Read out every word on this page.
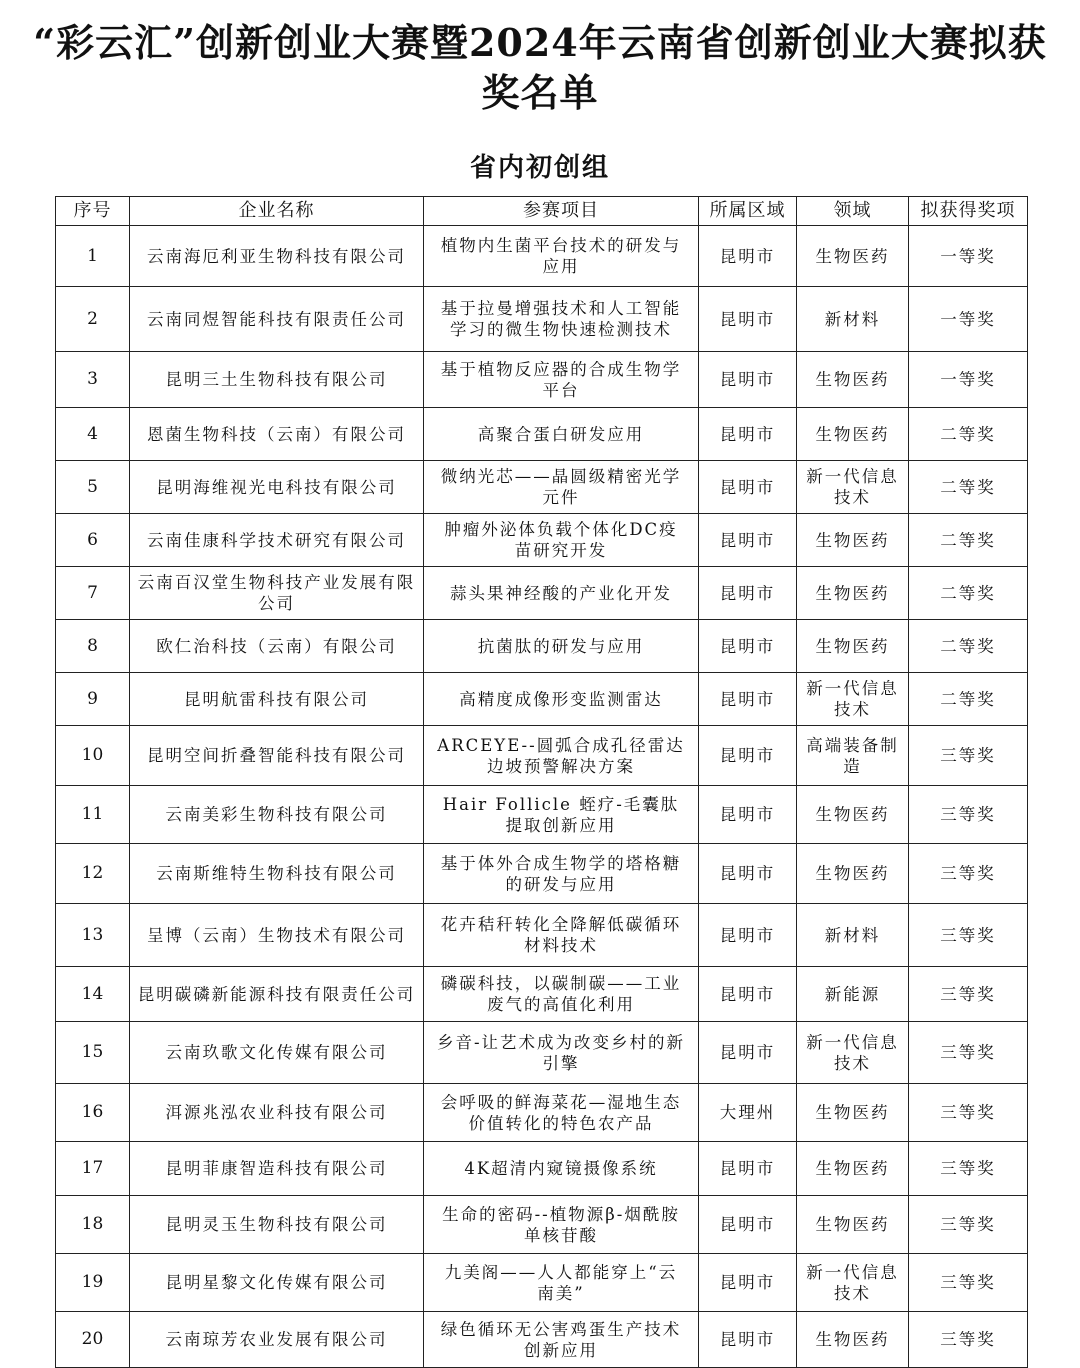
“彩云汇”创新创业大赛暨2024年云南省创新创业大赛拟获奖名单
省内初创组
序号	企业名称	参赛项目	所属区域	领域	拟获得奖项
1	云南海厄利亚生物科技有限公司	植物内生菌平台技术的研发与应用	昆明市	生物医药	一等奖
2	云南同煜智能科技有限责任公司	基于拉曼增强技术和人工智能学习的微生物快速检测技术	昆明市	新材料	一等奖
3	昆明三土生物科技有限公司	基于植物反应器的合成生物学平台	昆明市	生物医药	一等奖
4	恩菌生物科技（云南）有限公司	高聚合蛋白研发应用	昆明市	生物医药	二等奖
5	昆明海维视光电科技有限公司	微纳光芯——晶圆级精密光学元件	昆明市	新一代信息技术	二等奖
6	云南佳康科学技术研究有限公司	肿瘤外泌体负载个体化DC疫苗研究开发	昆明市	生物医药	二等奖
7	云南百汉堂生物科技产业发展有限公司	蒜头果神经酸的产业化开发	昆明市	生物医药	二等奖
8	欧仁治科技（云南）有限公司	抗菌肽的研发与应用	昆明市	生物医药	二等奖
9	昆明航雷科技有限公司	高精度成像形变监测雷达	昆明市	新一代信息技术	二等奖
10	昆明空间折叠智能科技有限公司	ARCEYE--圆弧合成孔径雷达边坡预警解决方案	昆明市	高端装备制造	三等奖
11	云南美彩生物科技有限公司	Hair Follicle 蛭疗-毛囊肽提取创新应用	昆明市	生物医药	三等奖
12	云南斯维特生物科技有限公司	基于体外合成生物学的塔格糖的研发与应用	昆明市	生物医药	三等奖
13	呈博（云南）生物技术有限公司	花卉秸秆转化全降解低碳循环材料技术	昆明市	新材料	三等奖
14	昆明碳磷新能源科技有限责任公司	磷碳科技，以碳制碳——工业废气的高值化利用	昆明市	新能源	三等奖
15	云南玖歌文化传媒有限公司	乡音-让艺术成为改变乡村的新引擎	昆明市	新一代信息技术	三等奖
16	洱源兆泓农业科技有限公司	会呼吸的鲜海菜花—湿地生态价值转化的特色农产品	大理州	生物医药	三等奖
17	昆明菲康智造科技有限公司	4K超清内窥镜摄像系统	昆明市	生物医药	三等奖
18	昆明灵玉生物科技有限公司	生命的密码--植物源β-烟酰胺单核苷酸	昆明市	生物医药	三等奖
19	昆明星黎文化传媒有限公司	九美阁——人人都能穿上“云南美”	昆明市	新一代信息技术	三等奖
20	云南琼芳农业发展有限公司	绿色循环无公害鸡蛋生产技术创新应用	昆明市	生物医药	三等奖
